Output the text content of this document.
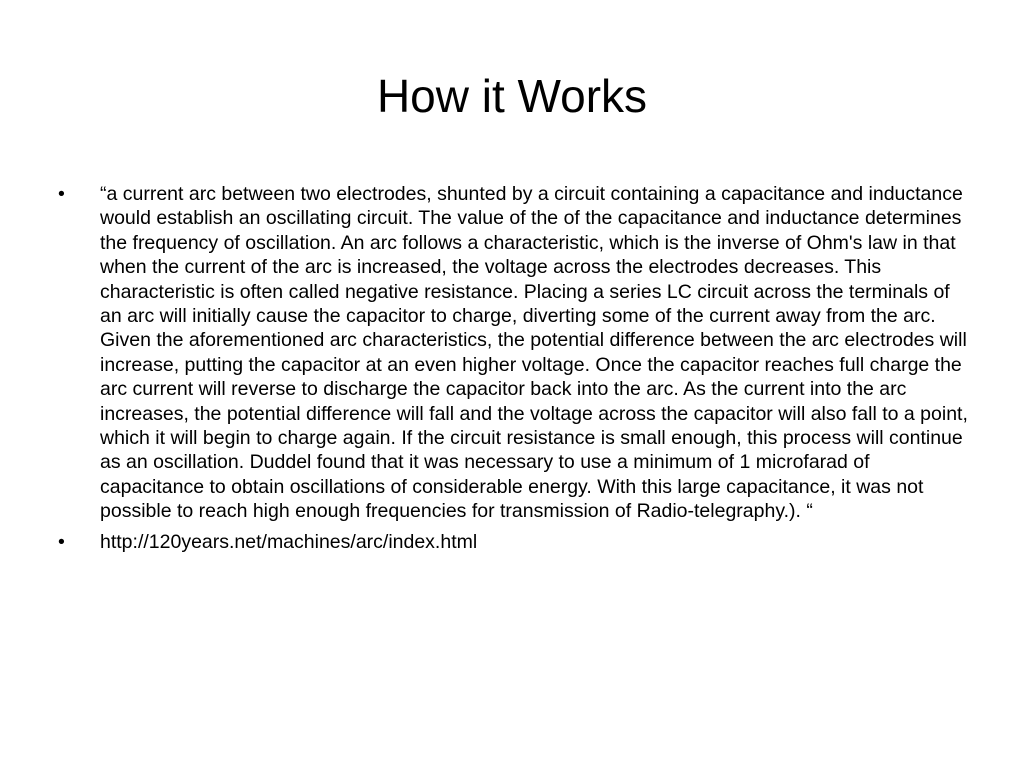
How it Works
•	“a current arc between two electrodes, shunted by a circuit containing a capacitance and inductance would establish an oscillating circuit. The value of the of the capacitance and inductance determines the frequency of oscillation. An arc follows a characteristic, which is the inverse of Ohm's law in that when the current of the arc is increased, the voltage across the electrodes decreases. This characteristic is often called negative resistance. Placing a series LC circuit across the terminals of an arc will initially cause the capacitor to charge, diverting some of the current away from the arc. Given the aforementioned arc characteristics, the potential difference between the arc electrodes will increase, putting the capacitor at an even higher voltage. Once the capacitor reaches full charge the arc current will reverse to discharge the capacitor back into the arc. As the current into the arc increases, the potential difference will fall and the voltage across the capacitor will also fall to a point, which it will begin to charge again. If the circuit resistance is small enough, this process will continue as an oscillation. Duddel found that it was necessary to use a minimum of 1 microfarad of capacitance to obtain oscillations of considerable energy. With this large capacitance, it was not possible to reach high enough frequencies for transmission of Radio-telegraphy.). “
•	http://120years.net/machines/arc/index.html
